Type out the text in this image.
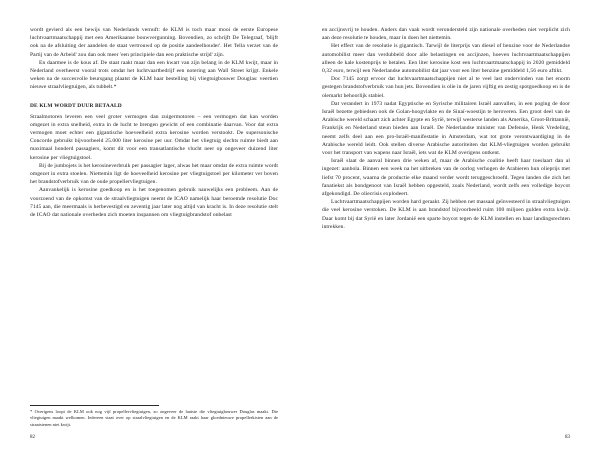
wordt gevierd als een bewijs van Nederlands vernuft: de KLM is toch maar mooi de eerste Europese luchtvaartmaatschappij met een Amerikaanse bouwvergunning. Bovendien, zo schrijft De Telegraaf, 'blijft ook na de afsluiting der aandelen de staat vertrouwd op de positie aandeelhouder'. Het 'fella verzet van de Partij van de Arbeid' zou dan ook meer 'een principiele dan een praktische strijd' zijn.

En daarmee is de kous af. De staat raakt maar dan een kwart van zijn belang in de KLM kwijt, maar in Nederland overheerst vooral trots omdat het luchtvaartbedrijf een notering aan Wall Street krijgt. Enkele weken na de succesvolle beursgang plaatst de KLM haar bestelling bij vliegtuigbouwer Douglas: veertien nieuwe straalvliegtuigen, als tubbelt.*

DE KLM WORDT DUUR BETAALD

Straalmotoren leveren een veel groter vermogen dan zuigermotoren – een vermogen dat kan worden omgezet in extra snelheid, extra in de lucht te brengen gewicht of een combinatie daarvan. Voor dat extra vermogen moet echter een gigantische hoeveelheid extra kerosine worden verstookt. De supersonische Concorde gebruikt bijvoorbeeld 25.000 liter kerosine per uur. Omdat het vliegtuig slechts ruimte biedt aan maximaal honderd passagiers, komt dit voor een transatlantische vlucht neer op ongeveer duizend liter kerosine per vliegtuigstoel.

Bij de jumbojets is het kerosineverbruik per passagier lager, alwas het maar omdat de extra ruimte wordt omgezet in extra stoelen. Niettemin ligt de hoeveelheid kerosine per vliegtuigstoel per kilometer ver boven het brandstofverbruik van de oude propellervliegtuigen.

Aanvankelijk is kerosine goedkoop en is het toegenomen gebruik nauwelijks een probleem. Aan de voorzoend van de opkomst van de straalvliegtuigen neemt de ICAO namelijk haar beroemde resolutie Doc 7145 aan, die meermaals is herbevestigd en zeventig jaar later nog altijd van kracht is. In deze resolutie stelt de ICAO dat nationale overheden zich moeten inspannen om vliegtuigbrandstof onbelast

* Overigens loopt de KLM ook nog vijf propellervliegtuigen, zo ongeveer de laatste die vliegtuigbouwer Douglas maakt. Die vliegtuigen maakt welkomen. Iedereen staat over op straalvliegtuigen en de KLM raakt haar gloednieuwe propellerkisten aan de straatstenen niet kwijt.

82

en accijnsvrij te houden. Anders dan vaak wordt verondersteld zijn nationale overheden niet verplicht zich aan deze resolutie te houden, maar in doen het niettemin.

Het effect van de resolutie is gigantisch. Tarwijl de literprijs van diesel of benzine voor de Nederlandse automobilist meer dan verdubbeld door alle belastingen en accijnzen, hoeven luchtvaartmaatschappijen alleen de kale kostenprijs te betalen. Een liter kerosine kost een luchtvaartmaatschappij in 2020 gemiddeld 0,32 euro, terwijl een Nederlandse automobilist dat jaar voor een liter benzine gemiddeld 1,56 euro aftikt.

Doc 7145 zorgt ervoor dat luchtvaartmaatschappijen niet al te veel last ondervinden van het enorm gestegen brandstofverbruik van hun jets. Bovendien is olie in de jaren vijftig en zestig spotgoedkoop en is de olemarkt behoorlijk stabiel.

Dat verandert in 1973 nadat Egyptische en Syrische militairen Israël aanvallen, in een poging de door Israël bezette gebiedsen ook de Golan-hoogvlakte en de Sinaï-woestijn te heroveren. Een groot deel van de Arabische wereld schaart zich achter Egypte en Syrië, terwijl westerse landen als Amerika, Groot-Brittannië, Frankrijk en Nederland steun bieden aan Israël. De Nederlandse minister van Defensie, Henk Vredeling, neemt zelfs deel aan een pro-Israël-manifestatie in Amsterdam, wat tot grote verontwaardiging in de Arabische wereld leidt. Ook stellen diverse Arabische autoriteiten dat KLM-vliegtuigen worden gebruikt voor het transport van wapens naar Israël, iets wat de KLM overigens ontkent.

Israël slaat de aanval binnen drie weken af, maar de Arabische coalitie heeft haar toeslaart dan al ingezet: aanbola. Binnen een week na het uitbreken van de oorlog verhogen de Arabieren hun olieprijs met liefst 70 procent, waarna de productie elke maand verder wordt teruggeschroefd. Tegen landen die zich het fanatiekst als bondgenoot van Israël hebben opgesteld, zoals Nederland, wordt zelfs een volledige boycot afgekondigd. De oliecrisis explodeert.

Luchtvaartmaatschappijen worden hard geraakt. Zij hebben net massaal geïnvesteerd in straalvliegtuigen die veel kerosine verstoken. De KLM is aan brandstof bijvoorbeeld ruim 100 miljoen gulden extra kwijt. Daar komt bij dat Syrië en later Jordanië een sparte boycot tegen de KLM instellen en haar landingsrechten intrekken.

83
